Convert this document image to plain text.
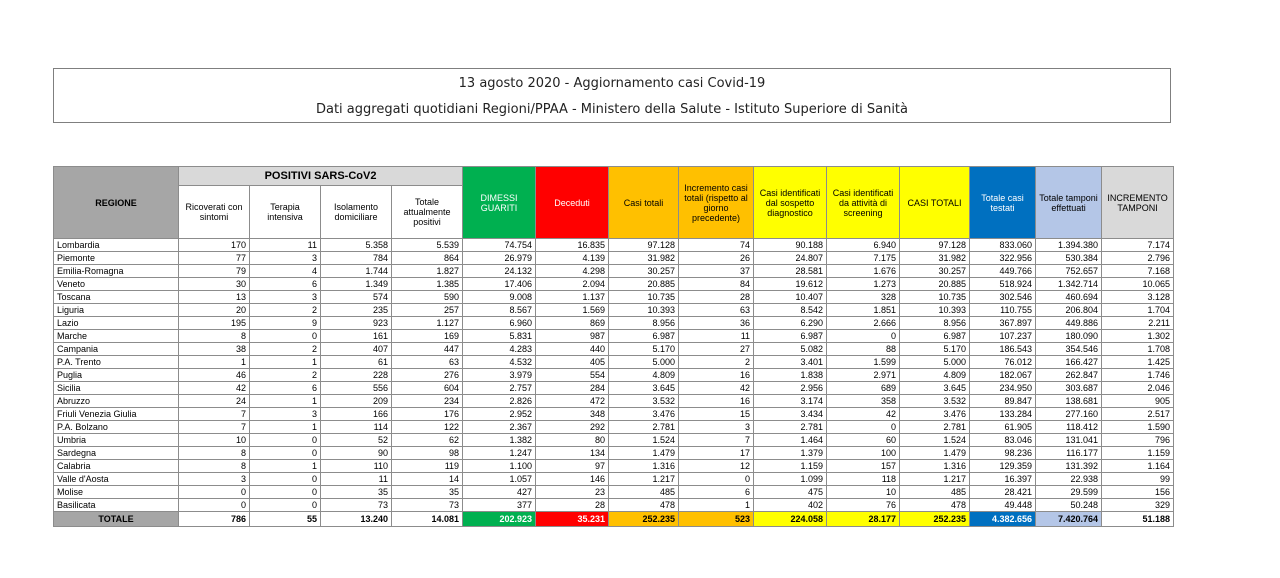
13 agosto 2020 - Aggiornamento casi Covid-19
Dati aggregati quotidiani Regioni/PPAA - Ministero della Salute - Istituto Superiore di Sanità
REGIONE	POSITIVI SARS-CoV2				DIMESSI GUARITI	Deceduti	Casi totali	Incremento casi totali (rispetto al giorno precedente)	Casi identificati dal sospetto diagnostico	Casi identificati da attività di screening	CASI TOTALI	Totale casi testati	Totale tamponi effettuati	INCREMENTO TAMPONI
	Ricoverati con sintomi	Terapia intensiva	Isolamento domiciliare	Totale attualmente positivi										
Lombardia	170	11	5.358	5.539	74.754	16.835	97.128	74	90.188	6.940	97.128	833.060	1.394.380	7.174
Piemonte	77	3	784	864	26.979	4.139	31.982	26	24.807	7.175	31.982	322.956	530.384	2.796
Emilia-Romagna	79	4	1.744	1.827	24.132	4.298	30.257	37	28.581	1.676	30.257	449.766	752.657	7.168
Veneto	30	6	1.349	1.385	17.406	2.094	20.885	84	19.612	1.273	20.885	518.924	1.342.714	10.065
Toscana	13	3	574	590	9.008	1.137	10.735	28	10.407	328	10.735	302.546	460.694	3.128
Liguria	20	2	235	257	8.567	1.569	10.393	63	8.542	1.851	10.393	110.755	206.804	1.704
Lazio	195	9	923	1.127	6.960	869	8.956	36	6.290	2.666	8.956	367.897	449.886	2.211
Marche	8	0	161	169	5.831	987	6.987	11	6.987	0	6.987	107.237	180.090	1.302
Campania	38	2	407	447	4.283	440	5.170	27	5.082	88	5.170	186.543	354.546	1.708
P.A. Trento	1	1	61	63	4.532	405	5.000	2	3.401	1.599	5.000	76.012	166.427	1.425
Puglia	46	2	228	276	3.979	554	4.809	16	1.838	2.971	4.809	182.067	262.847	1.746
Sicilia	42	6	556	604	2.757	284	3.645	42	2.956	689	3.645	234.950	303.687	2.046
Abruzzo	24	1	209	234	2.826	472	3.532	16	3.174	358	3.532	89.847	138.681	905
Friuli Venezia Giulia	7	3	166	176	2.952	348	3.476	15	3.434	42	3.476	133.284	277.160	2.517
P.A. Bolzano	7	1	114	122	2.367	292	2.781	3	2.781	0	2.781	61.905	118.412	1.590
Umbria	10	0	52	62	1.382	80	1.524	7	1.464	60	1.524	83.046	131.041	796
Sardegna	8	0	90	98	1.247	134	1.479	17	1.379	100	1.479	98.236	116.177	1.159
Calabria	8	1	110	119	1.100	97	1.316	12	1.159	157	1.316	129.359	131.392	1.164
Valle d'Aosta	3	0	11	14	1.057	146	1.217	0	1.099	118	1.217	16.397	22.938	99
Molise	0	0	35	35	427	23	485	6	475	10	485	28.421	29.599	156
Basilicata	0	0	73	73	377	28	478	1	402	76	478	49.448	50.248	329
TOTALE	786	55	13.240	14.081	202.923	35.231	252.235	523	224.058	28.177	252.235	4.382.656	7.420.764	51.188
